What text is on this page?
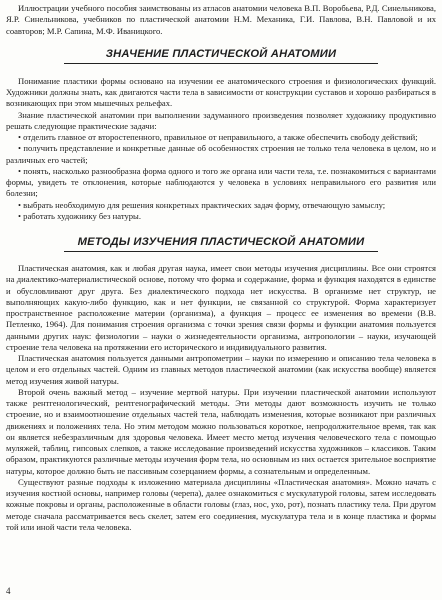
Иллюстрации учебного пособия заимствованы из атласов анатомии человека В.П. Воробьева, Р.Д. Синельникова, Я.Р. Синельникова, учебников по пластической анатомии Н.М. Механика, Г.И. Павлова, В.Н. Павловой и их соавторов; М.Р. Сапина, М.Ф. Иваницкого.

ЗНАЧЕНИЕ ПЛАСТИЧЕСКОЙ АНАТОМИИ

Понимание пластики формы основано на изучении ее анатомического строения и физиологических функций. Художники должны знать, как двигаются части тела в зависимости от конструкции суставов и хорошо разбираться в возникающих при этом мышечных рельефах.

Знание пластической анатомии при выполнении задуманного произведения позволяет художнику продуктивно решать следующие практические задачи:

• отделить главное от второстепенного, правильное от неправильного, а также обеспечить свободу действий;

• получить представление и конкретные данные об особенностях строения не только тела человека в целом, но и различных его частей;

• понять, насколько разнообразна форма одного и того же органа или части тела, т.е. познакомиться с вариантами формы, увидеть те отклонения, которые наблюдаются у человека в условиях неправильного его развития или болезни;

• выбрать необходимую для решения конкретных практических задач форму, отвечающую замыслу;

• работать художнику без натуры.

МЕТОДЫ ИЗУЧЕНИЯ ПЛАСТИЧЕСКОЙ АНАТОМИИ

Пластическая анатомия, как и любая другая наука, имеет свои методы изучения дисциплины. Все они строятся на диалектико-материалистической основе, потому что форма и содержание, форма и функция находятся в единстве и обусловливают друг друга. Без диалектического подхода нет искусства. В организме нет структур, не выполняющих какую-либо функцию, как и нет функции, не связанной со структурой. Форма характеризует пространственное расположение материи (организма), а функция – процесс ее изменения во времени (В.В. Петленко, 1964). Для понимания строения организма с точки зрения связи формы и функции анатомия пользуется данными других наук: физиологии – науки о жизнедеятельности организма, антропологии – науки, изучающей строение тела человека на протяжении его исторического и индивидуального развития.

Пластическая анатомия пользуется данными антропометрии – науки по измерению и описанию тела человека в целом и его отдельных частей. Одним из главных методов пластической анатомии (как искусства вообще) является метод изучения живой натуры.

Второй очень важный метод – изучение мертвой натуры. При изучении пластической анатомии используют также рентгенологический, рентгенографический методы. Эти методы дают возможность изучить не только строение, но и взаимоотношение отдельных частей тела, наблюдать изменения, которые возникают при различных движениях и положениях тела. Но этим методом можно пользоваться короткое, непродолжительное время, так как он является небезразличным для здоровья человека. Имеет место метод изучения человеческого тела с помощью муляжей, таблиц, гипсовых слепков, а также исследование произведений искусства художников – классиков. Таким образом, практикуются различные методы изучения форм тела, но основным из них остается зрительное восприятие натуры, которое должно быть не пассивным созерцанием формы, а сознательным и определенным.

Существуют разные подходы к изложению материала дисциплины «Пластическая анатомия». Можно начать с изучения костной основы, например головы (черепа), далее ознакомиться с мускулатурой головы, затем исследовать кожные покровы и органы, расположенные в области головы (глаз, нос, ухо, рот), познать пластику тела. При другом методе сначала рассматривается весь скелет, затем его соединения, мускулатура тела и в конце пластика и формы той или иной части тела человека.

4
